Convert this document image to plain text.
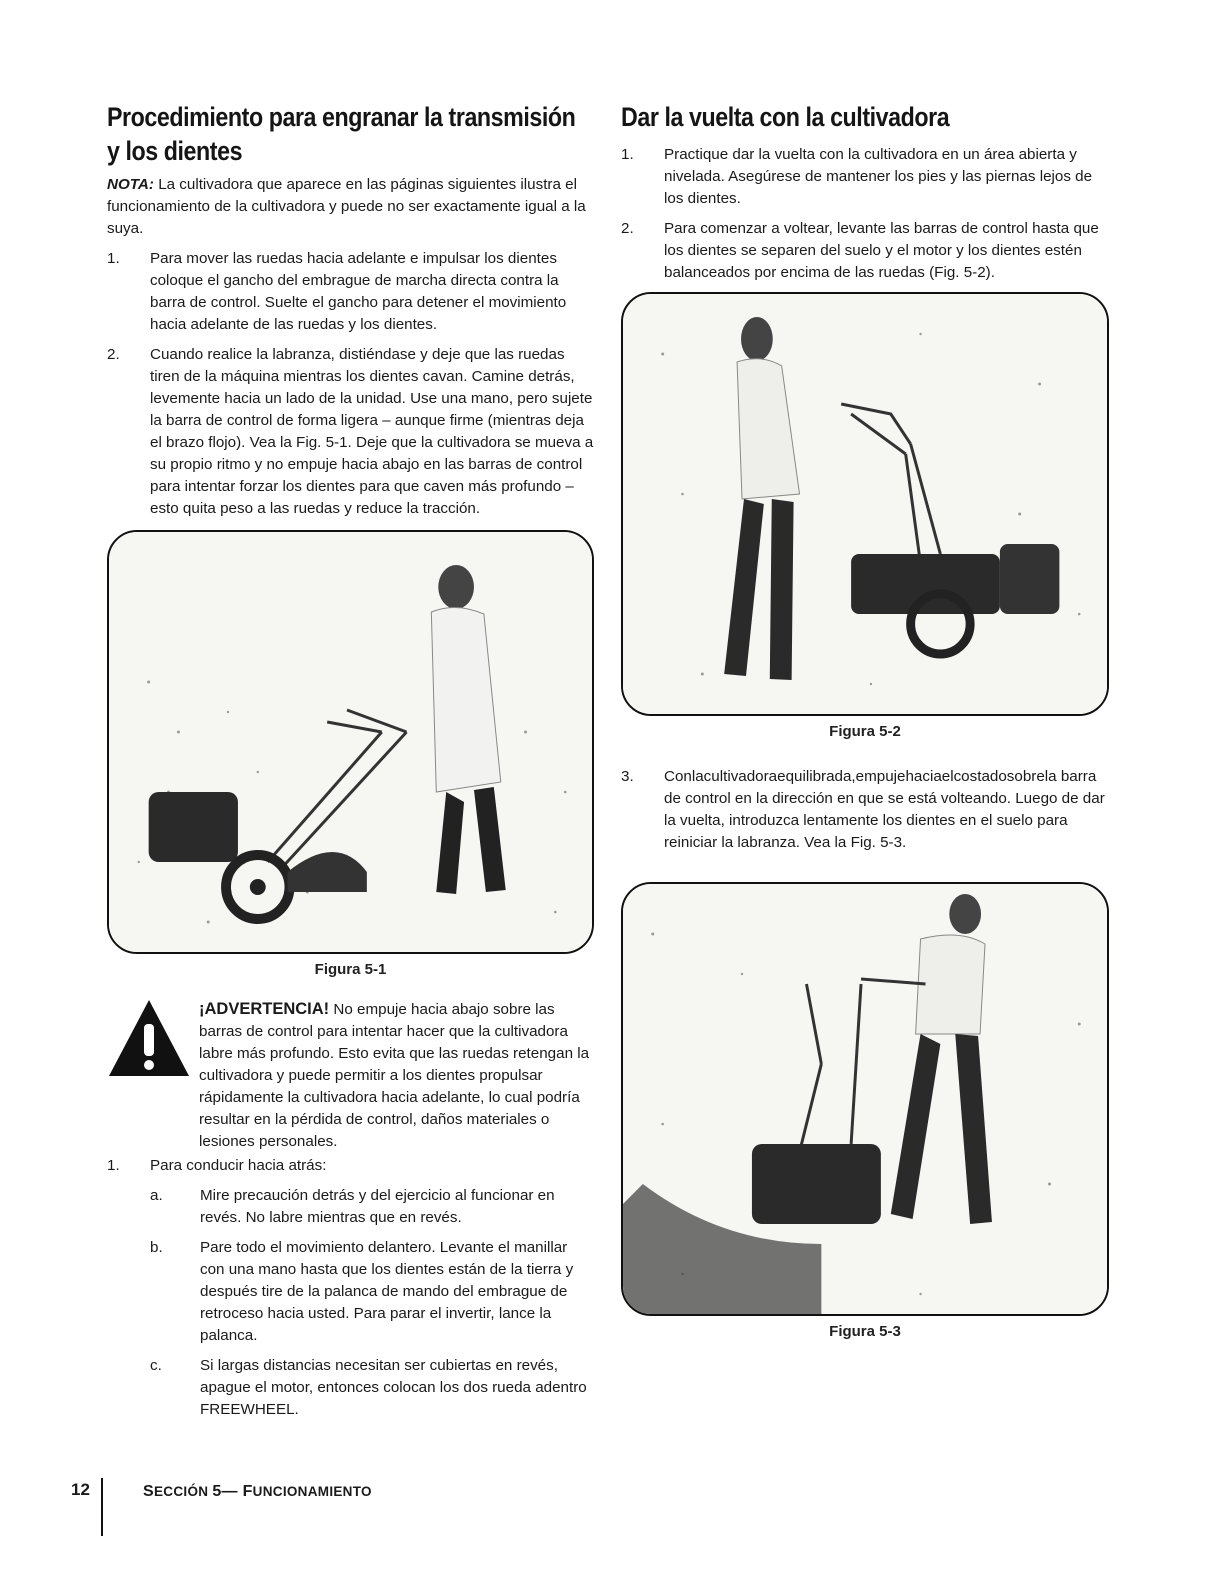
Procedimiento para engranar la transmisión y los dientes

NOTA: La cultivadora que aparece en las páginas siguientes ilustra el funcionamiento de la cultivadora y puede no ser exactamente igual a la suya.

1. Para mover las ruedas hacia adelante e impulsar los dientes coloque el gancho del embrague de marcha directa contra la barra de control. Suelte el gancho para detener el movimiento hacia adelante de las ruedas y los dientes.
2. Cuando realice la labranza, distiéndase y deje que las ruedas tiren de la máquina mientras los dientes cavan. Camine detrás, levemente hacia un lado de la unidad. Use una mano, pero sujete la barra de control de forma ligera – aunque firme (mientras deja el brazo flojo). Vea la Fig. 5-1. Deje que la cultivadora se mueva a su propio ritmo y no empuje hacia abajo en las barras de control para intentar forzar los dientes para que caven más profundo – esto quita peso a las ruedas y reduce la tracción.
Figura 5-1
¡ADVERTENCIA! No empuje hacia abajo sobre las barras de control para intentar hacer que la cultivadora labre más profundo. Esto evita que las ruedas retengan la cultivadora y puede permitir a los dientes propulsar rápidamente la cultivadora hacia adelante, lo cual podría resultar en la pérdida de control, daños materiales o lesiones personales.
1. Para conducir hacia atrás:
a. Mire precaución detrás y del ejercicio al funcionar en revés. No labre mientras que en revés.
b. Pare todo el movimiento delantero. Levante el manillar con una mano hasta que los dientes están de la tierra y después tire de la palanca de mando del embrague de retroceso hacia usted. Para parar el invertir, lance la palanca.
c.	Si largas distancias necesitan ser cubiertas en revés, apague el motor, entonces colocan los dos rueda adentro FREEWHEEL.
Dar la vuelta con la cultivadora
1. Practique dar la vuelta con la cultivadora en un área abierta y nivelada. Asegúrese de mantener los pies y las piernas lejos de los dientes.
2. Para comenzar a voltear, levante las barras de control hasta que los dientes se separen del suelo y el motor y los dientes estén balanceados por encima de las ruedas (Fig. 5-2).
Figura 5-2
3. Conlacultivadoraequilibrada,empujehaciaelcostadosobrela barra de control en la dirección en que se está volteando. Luego de dar la vuelta, introduzca lentamente los dientes en el suelo para reiniciar la labranza. Vea la Fig. 5-3.
Figura 5-3
12	SECCIÓN 5— FUNCIONAMIENTO
